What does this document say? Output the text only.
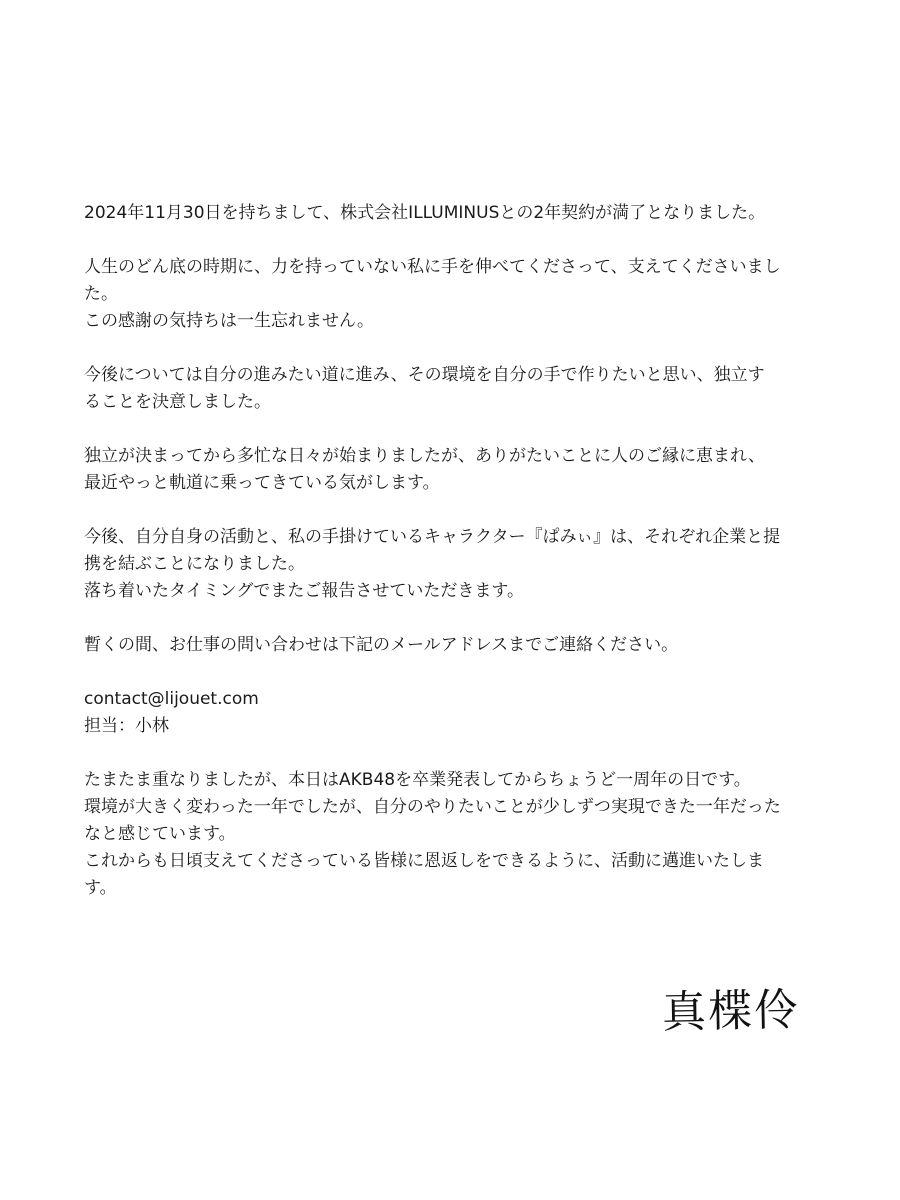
2024年11月30日を持ちまして、株式会社ILLUMINUSとの2年契約が満了となりました。

人生のどん底の時期に、力を持っていない私に手を伸べてくださって、支えてくださいまし
た。
この感謝の気持ちは一生忘れません。

今後については自分の進みたい道に進み、その環境を自分の手で作りたいと思い、独立す
ることを決意しました。

独立が決まってから多忙な日々が始まりましたが、ありがたいことに人のご縁に恵まれ、
最近やっと軌道に乗ってきている気がします。

今後、自分自身の活動と、私の手掛けているキャラクター『ぱみぃ』は、それぞれ企業と提
携を結ぶことになりました。
落ち着いたタイミングでまたご報告させていただきます。

暫くの間、お仕事の問い合わせは下記のメールアドレスまでご連絡ください。

contact@lijouet.com
担当：小林

たまたま重なりましたが、本日はAKB48を卒業発表してからちょうど一周年の日です。
環境が大きく変わった一年でしたが、自分のやりたいことが少しずつ実現できた一年だった
なと感じています。
これからも日頃支えてくださっている皆様に恩返しをできるように、活動に邁進いたしま
す。

真楪伶
